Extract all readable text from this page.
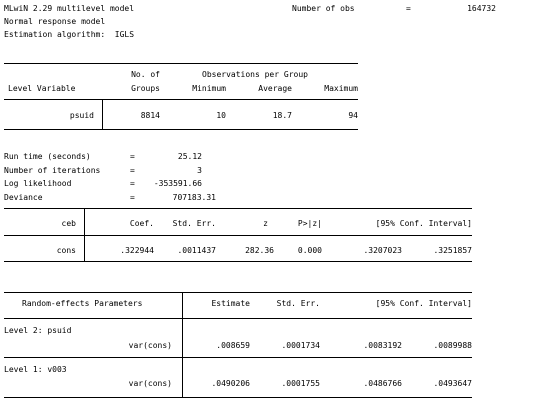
MLwiN 2.29 multilevel model	Number of obs	=	164732
Normal response model
Estimation algorithm:  IGLS
No. of	Observations per Group
Level Variable	Groups	Minimum	Average	Maximum
psuid	8814	10	18.7	94
Run time (seconds)	=	25.12
Number of iterations	=	3
Log likelihood	=	-353591.66
Deviance	=	707183.31
ceb	Coef.	Std. Err.	z	P>|z|	[95% Conf. Interval]
cons	.322944	.0011437	282.36	0.000	.3207023	.3251857
Random-effects Parameters	Estimate	Std. Err.	[95% Conf. Interval]
Level 2: psuid
var(cons)	.008659	.0001734	.0083192	.0089988
Level 1: v003
var(cons)	.0490206	.0001755	.0486766	.0493647
